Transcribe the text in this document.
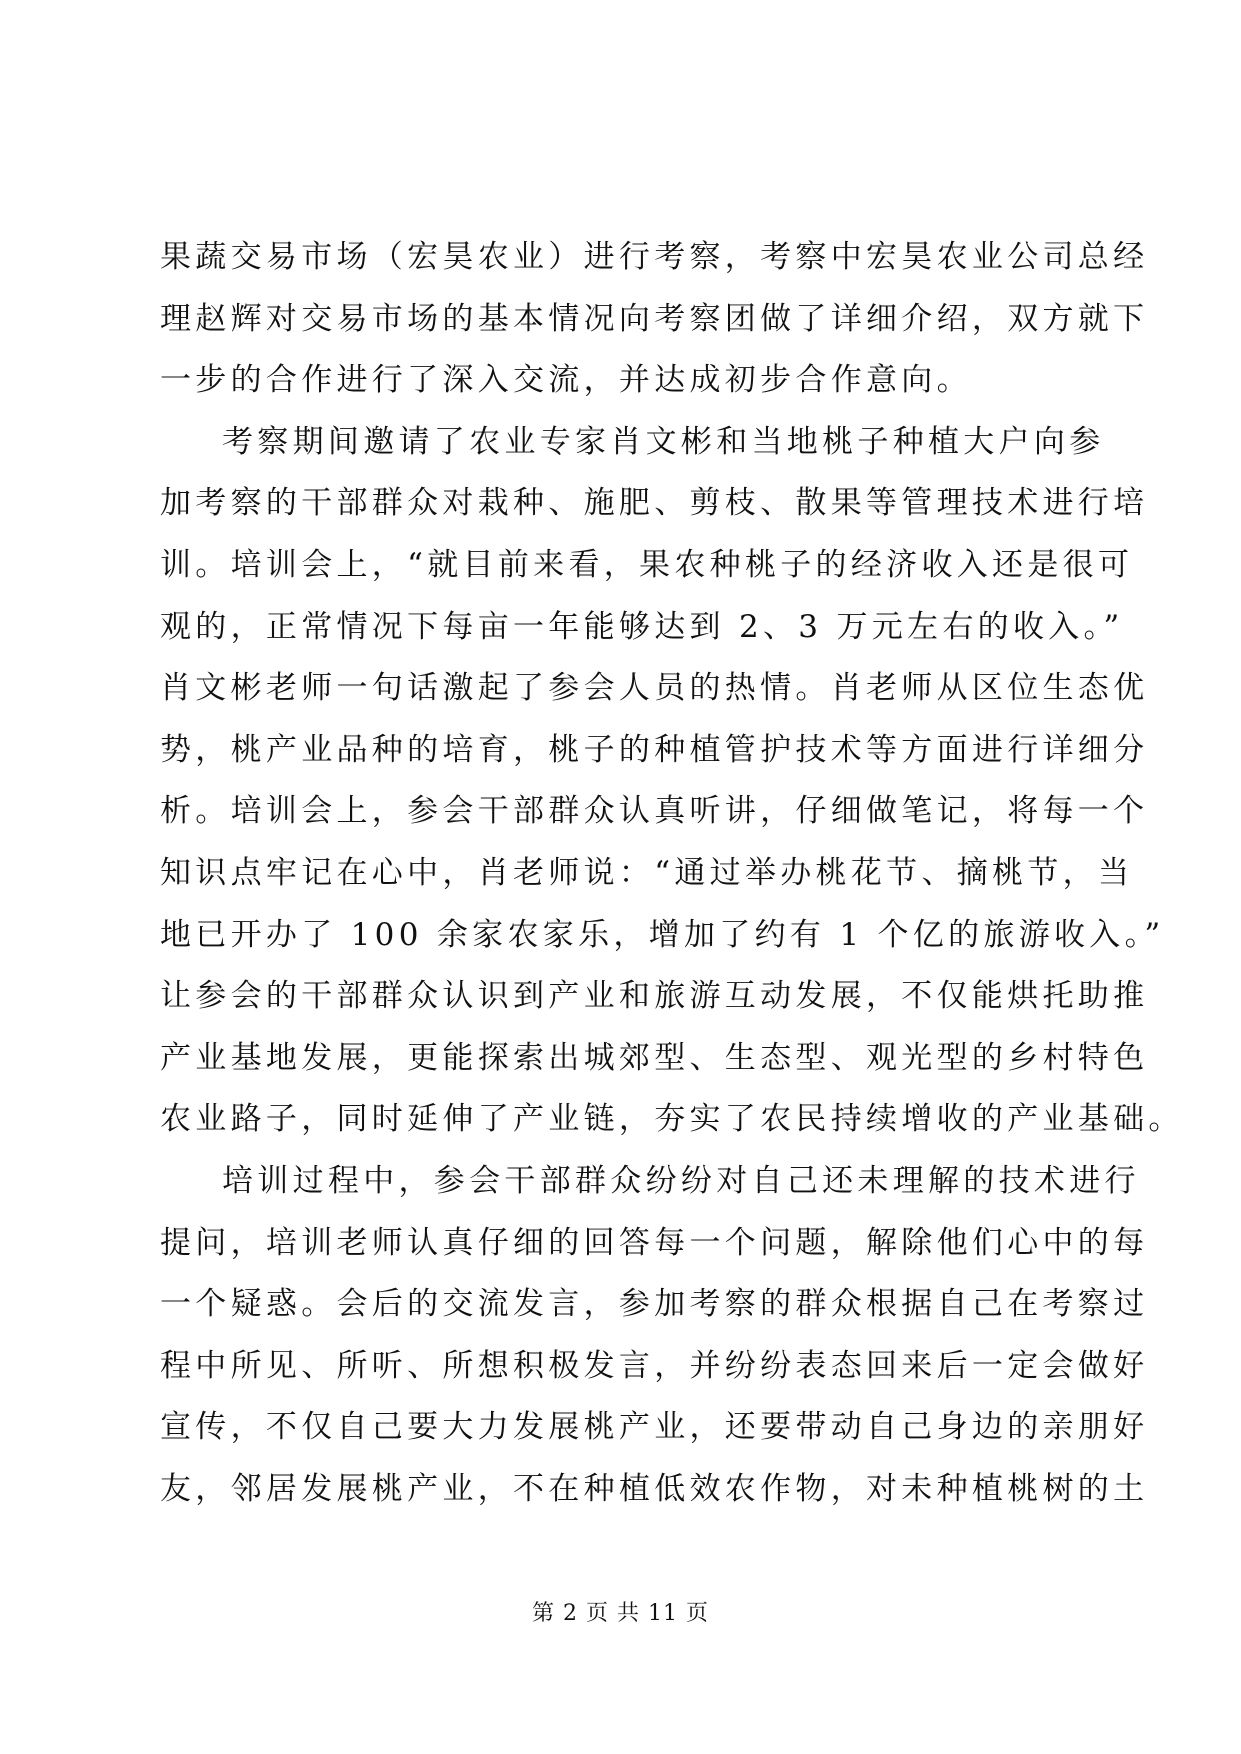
果蔬交易市场（宏昊农业）进行考察，考察中宏昊农业公司总经
理赵辉对交易市场的基本情况向考察团做了详细介绍，双方就下
一步的合作进行了深入交流，并达成初步合作意向。
考察期间邀请了农业专家肖文彬和当地桃子种植大户向参
加考察的干部群众对栽种、施肥、剪枝、散果等管理技术进行培
训。培训会上，“就目前来看，果农种桃子的经济收入还是很可
观的，正常情况下每亩一年能够达到 2、3 万元左右的收入。”
肖文彬老师一句话激起了参会人员的热情。肖老师从区位生态优
势，桃产业品种的培育，桃子的种植管护技术等方面进行详细分
析。培训会上，参会干部群众认真听讲，仔细做笔记，将每一个
知识点牢记在心中，肖老师说：“通过举办桃花节、摘桃节，当
地已开办了 100 余家农家乐，增加了约有 1 个亿的旅游收入。”
让参会的干部群众认识到产业和旅游互动发展，不仅能烘托助推
产业基地发展，更能探索出城郊型、生态型、观光型的乡村特色
农业路子，同时延伸了产业链，夯实了农民持续增收的产业基础。
培训过程中，参会干部群众纷纷对自己还未理解的技术进行
提问，培训老师认真仔细的回答每一个问题，解除他们心中的每
一个疑惑。会后的交流发言，参加考察的群众根据自己在考察过
程中所见、所听、所想积极发言，并纷纷表态回来后一定会做好
宣传，不仅自己要大力发展桃产业，还要带动自己身边的亲朋好
友，邻居发展桃产业，不在种植低效农作物，对未种植桃树的土
第 2 页 共 11 页
